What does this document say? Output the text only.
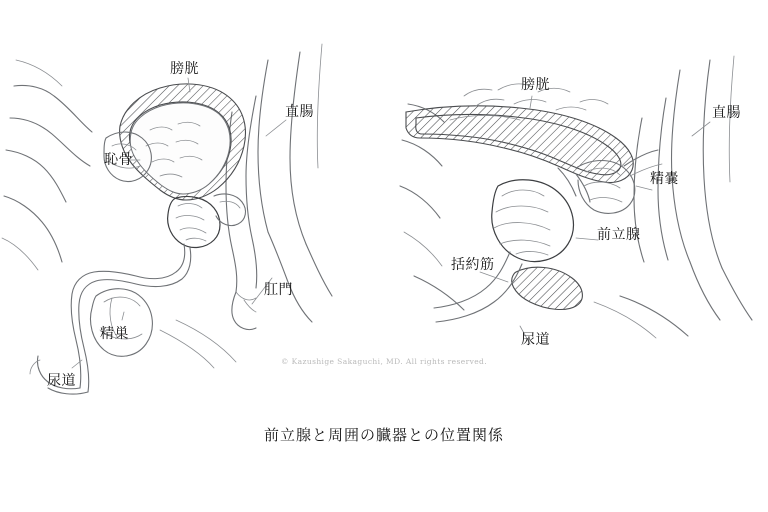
膀胱
直腸
恥骨
肛門
精巣
尿道
膀胱
直腸
精嚢
前立腺
括約筋
尿道
© Kazushige Sakaguchi, MD. All rights reserved.
前立腺と周囲の臓器との位置関係
